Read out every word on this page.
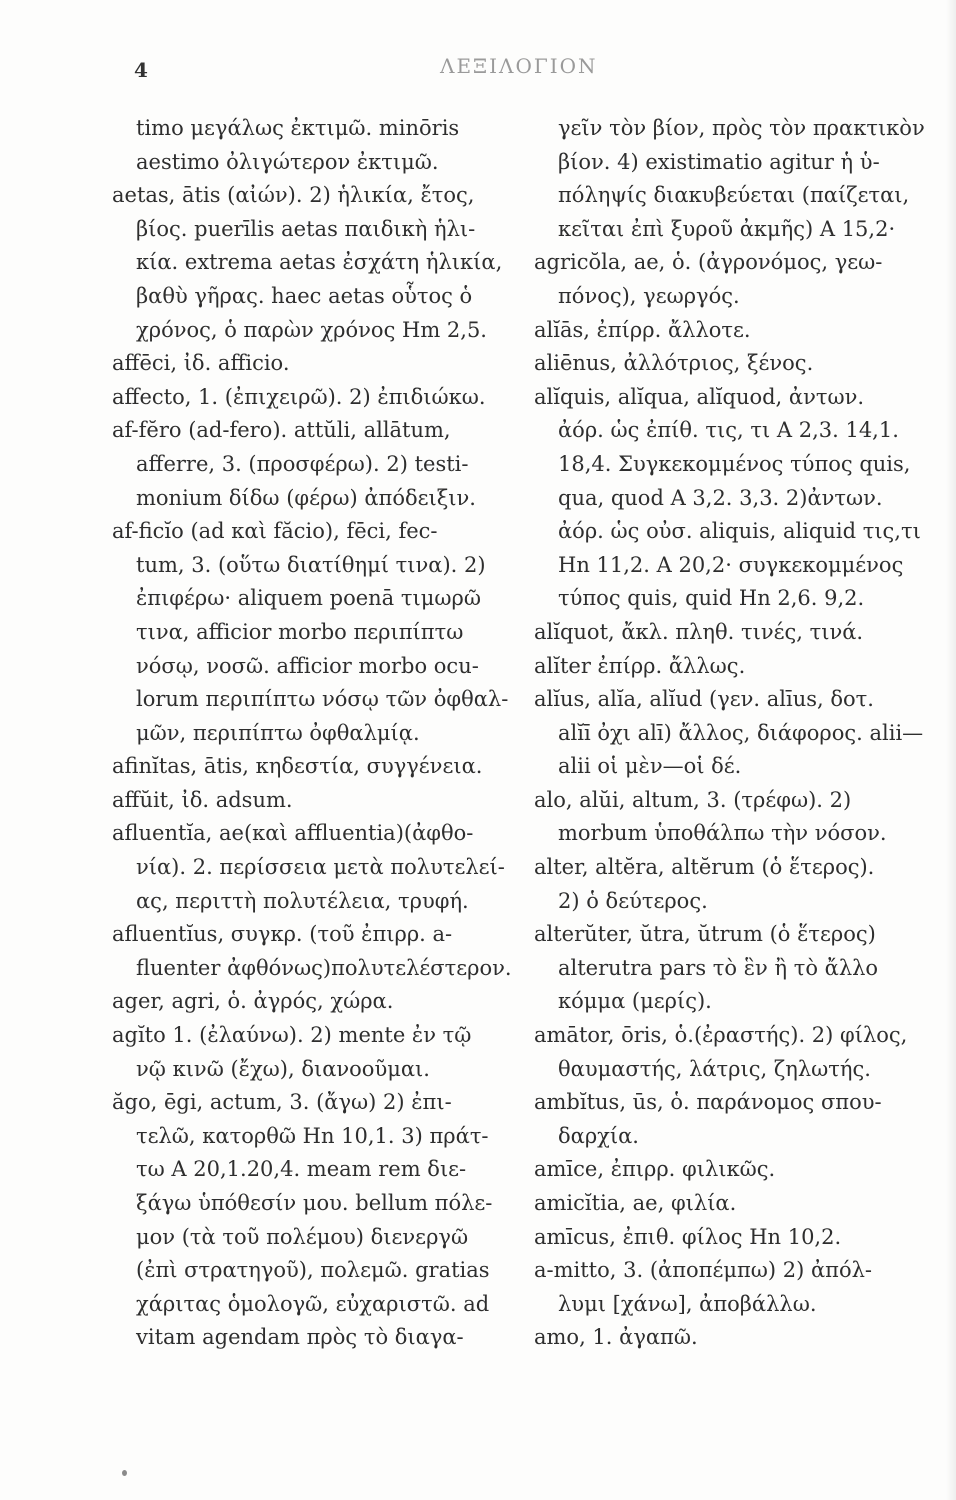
4	ΛΕΞΙΛΟΓΙΟΝ
timo μεγάλως ἐκτιμῶ. minōris
aestimo ὀλιγώτερον ἐκτιμῶ.
aetas, ātis (αἰών). 2) ἡλικία, ἔτος,
βίος. puerīlis aetas παιδικὴ ἡλι-
κία. extrema aetas ἐσχάτη ἡλικία,
βαθὺ γῆρας. haec aetas οὗτος ὁ
χρόνος, ὁ παρὼν χρόνος Hm 2,5.
affēci, ἰδ. afficio.
affecto, 1. (ἐπιχειρῶ). 2) ἐπιδιώκω.
af-fĕro (ad-fero). attŭli, allātum,
afferre, 3. (προσφέρω). 2) testi-
monium δίδω (φέρω) ἀπόδειξιν.
af-ficĭo (ad καὶ făcio), fēci, fec-
tum, 3. (οὕτω διατίθημί τινα). 2)
ἐπιφέρω· aliquem poenā τιμωρῶ
τινα, afficior morbo περιπίπτω
νόσῳ, νοσῶ. afficior morbo ocu-
lorum περιπίπτω νόσῳ τῶν ὀφθαλ-
μῶν, περιπίπτω ὀφθαλμίᾳ.
afinĭtas, ātis, κηδεστία, συγγένεια.
affŭit, ἰδ. adsum.
afluentĭa, ae(καὶ affluentia)(ἀφθο-
νία). 2. περίσσεια μετὰ πολυτελεί-
ας, περιττὴ πολυτέλεια, τρυφή.
afluentĭus, συγκρ. (τοῦ ἐπιρρ. a-
fluenter ἀφθόνως)πολυτελέστερον.
ager, agri, ὁ. ἀγρός, χώρα.
agĭto 1. (ἐλαύνω). 2) mente ἐν τῷ
νῷ κινῶ (ἔχω), διανοοῦμαι.
ăgo, ēgi, actum, 3. (ἄγω) 2) ἐπι-
τελῶ, κατορθῶ Hn 10,1. 3) πράτ-
τω A 20,1.20,4. meam rem διε-
ξάγω ὑπόθεσίν μου. bellum πόλε-
μον (τὰ τοῦ πολέμου) διενεργῶ
(ἐπὶ στρατηγοῦ), πολεμῶ. gratias
χάριτας ὁμολογῶ, εὐχαριστῶ. ad
vitam agendam πρὸς τὸ διαγα-
γεῖν τὸν βίον, πρὸς τὸν πρακτικὸν
βίον. 4) existimatio agitur ἡ ὑ-
πόληψίς διακυβεύεται (παίζεται,
κεῖται ἐπὶ ξυροῦ ἀκμῆς) A 15,2·
agricŏla, ae, ὁ. (ἀγρονόμος, γεω-
πόνος), γεωργός.
alĭās, ἐπίρρ. ἄλλοτε.
aliēnus, ἀλλότριος, ξένος.
alĭquis, alĭqua, alĭquod, ἀντων.
ἀόρ. ὡς ἐπίθ. τις, τι A 2,3. 14,1.
18,4. Συγκεκομμένος τύπος quis,
qua, quod A 3,2. 3,3. 2)ἀντων.
ἀόρ. ὡς οὐσ. aliquis, aliquid τις,τι
Hn 11,2. A 20,2· συγκεκομμένος
τύπος quis, quid Hn 2,6. 9,2.
alĭquot, ἄκλ. πληθ. τινές, τινά.
alĭter ἐπίρρ. ἄλλως.
alĭus, alĭa, alĭud (γεν. alīus, δοτ.
alĭī ὀχι alī) ἄλλος, διάφορος. alii—
alii οἱ μὲν—οἱ δέ.
alo, alŭi, altum, 3. (τρέφω). 2)
morbum ὑποθάλπω τὴν νόσον.
alter, altĕra, altĕrum (ὁ ἕτερος).
2) ὁ δεύτερος.
alterŭter, ŭtra, ŭtrum (ὁ ἕτερος)
alterutra pars τὸ ἓν ἢ τὸ ἄλλο
κόμμα (μερίς).
amātor, ōris, ὁ.(ἐραστής). 2) φίλος,
θαυμαστής, λάτρις, ζηλωτής.
ambĭtus, ūs, ὁ. παράνομος σπου-
δαρχία.
amīce, ἐπιρρ. φιλικῶς.
amicĭtia, ae, φιλία.
amīcus, ἐπιθ. φίλος Hn 10,2.
a-mitto, 3. (ἀποπέμπω) 2) ἀπόλ-
λυμι [χάνω], ἀποβάλλω.
amo, 1. ἀγαπῶ.
